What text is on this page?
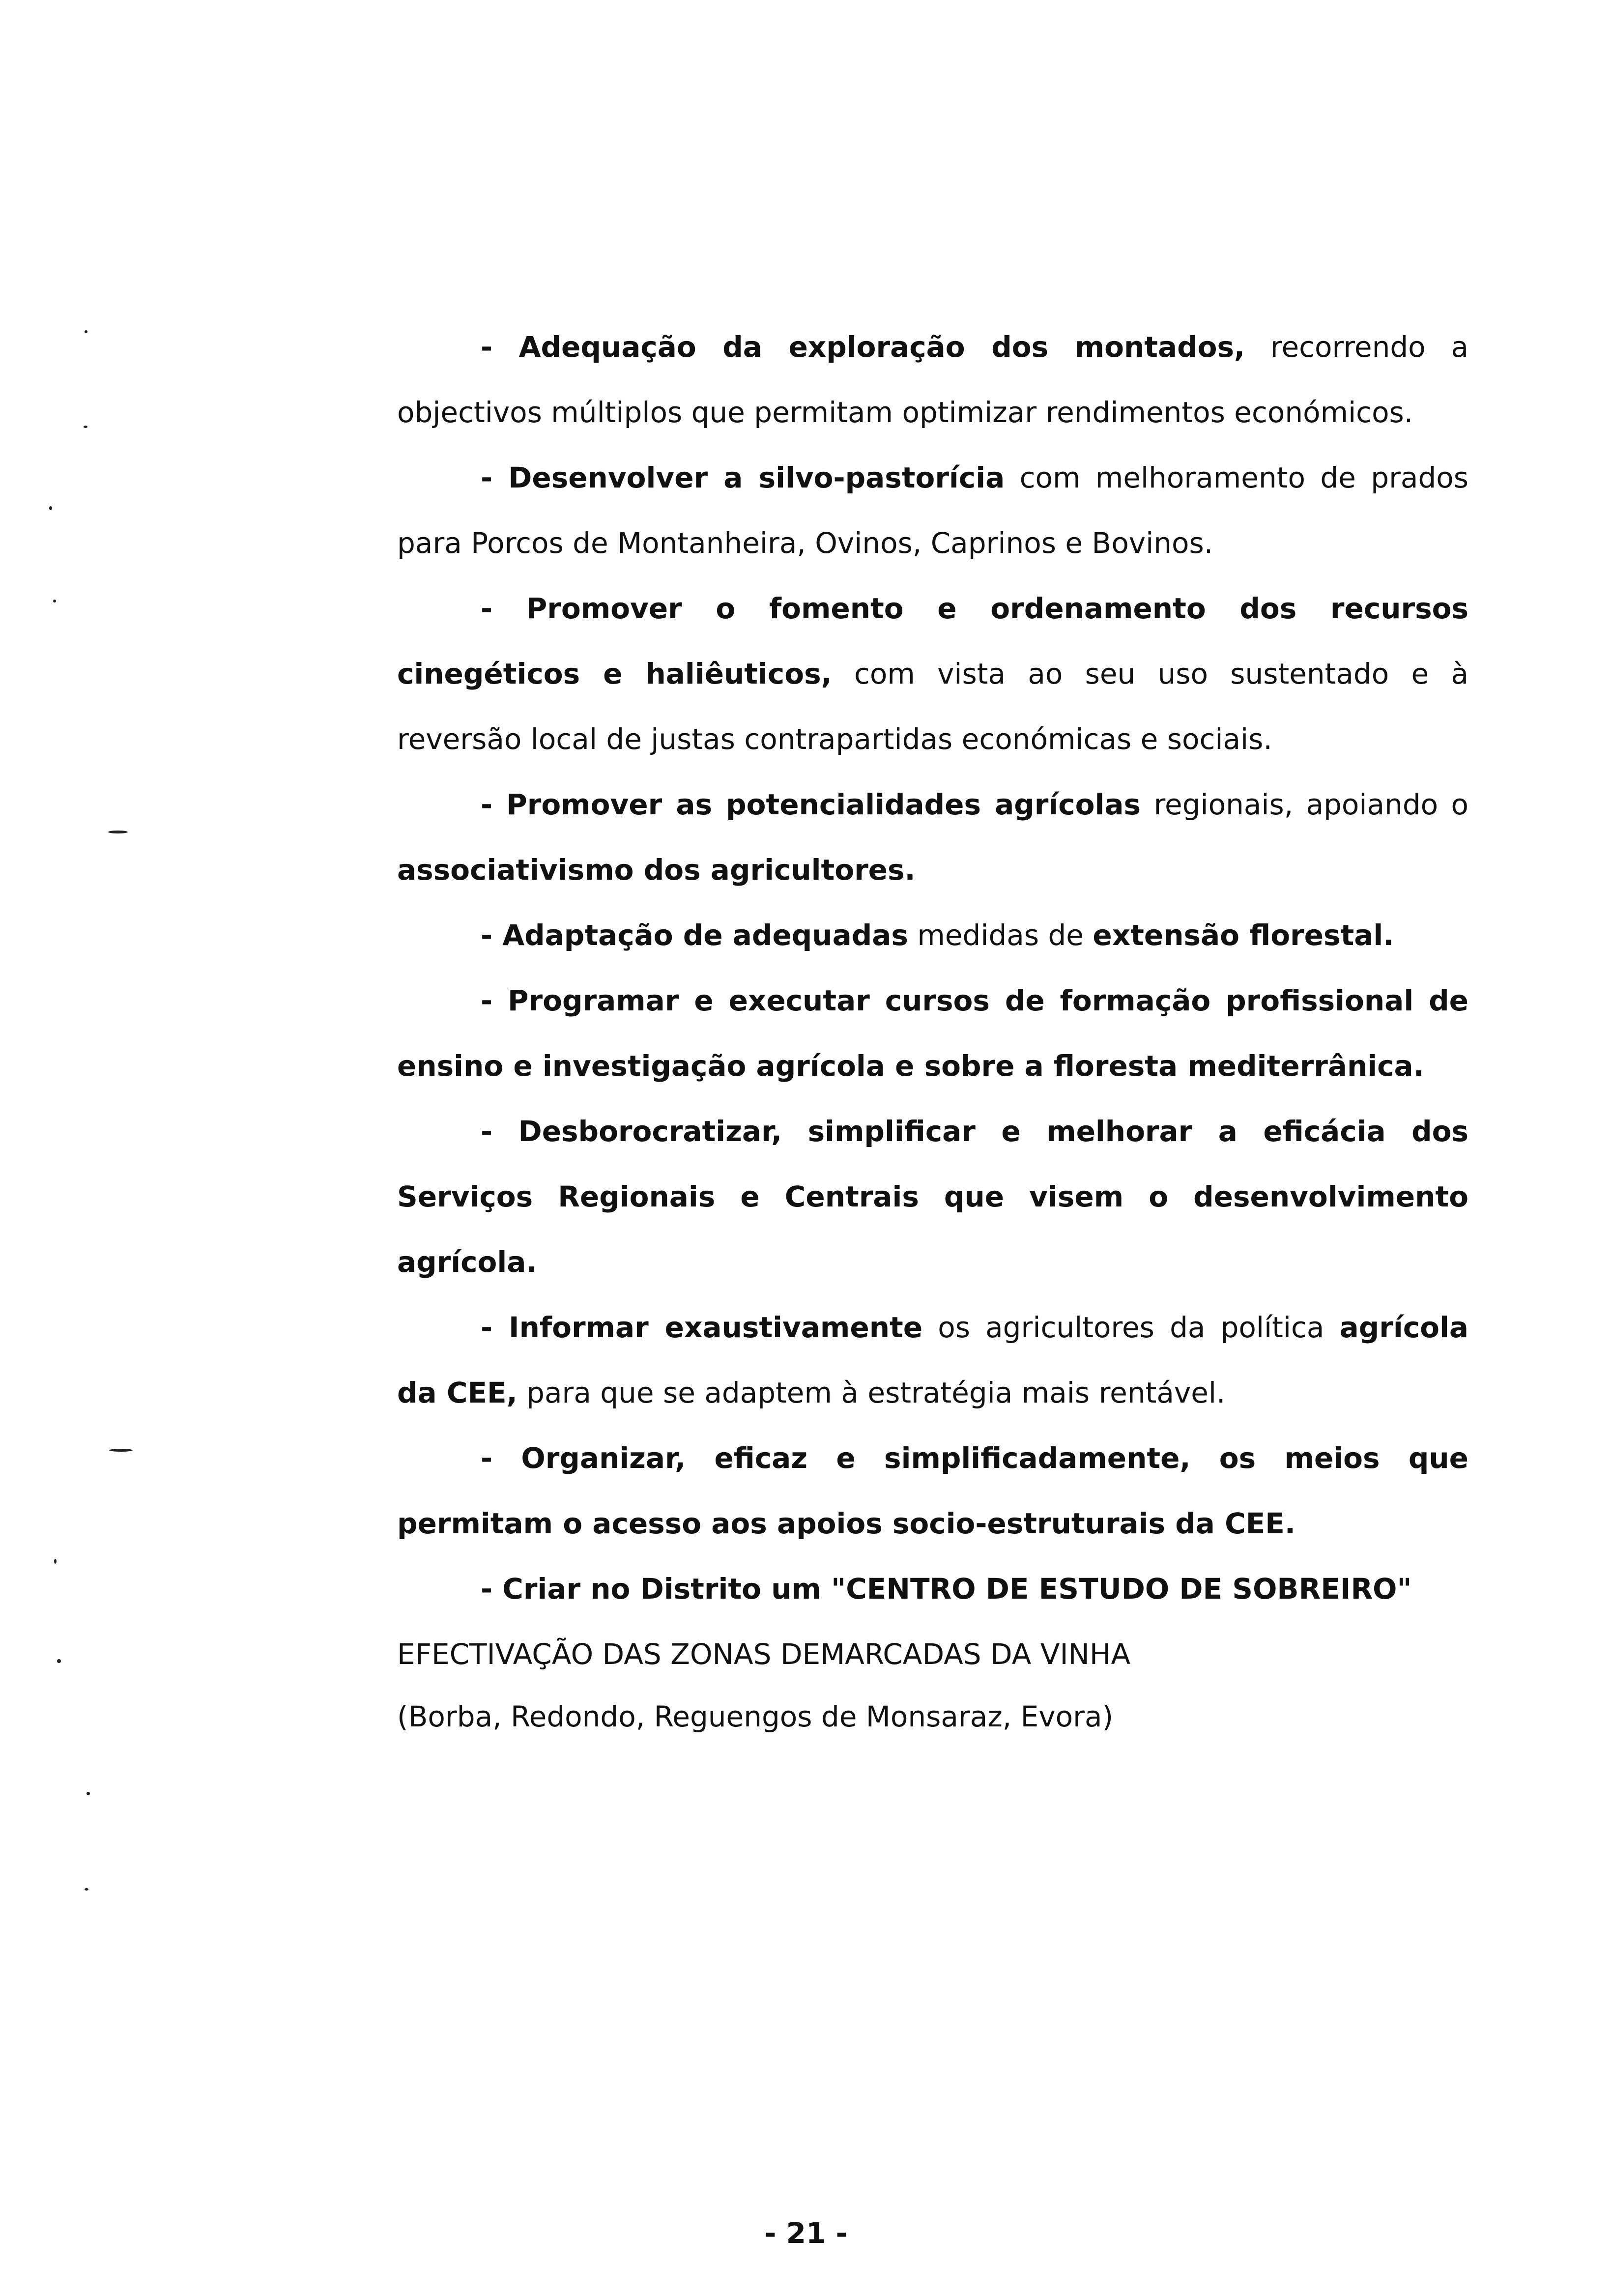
- Adequação da exploração dos montados, recorrendo a objectivos múltiplos que permitam optimizar rendimentos económicos.

- Desenvolver a silvo-pastorícia com melhoramento de prados para Porcos de Montanheira, Ovinos, Caprinos e Bovinos.

- Promover o fomento e ordenamento dos recursos cinegéticos e haliêuticos, com vista ao seu uso sustentado e à reversão local de justas contrapartidas económicas e sociais.

- Promover as potencialidades agrícolas regionais, apoiando o associativismo dos agricultores.

- Adaptação de adequadas medidas de extensão florestal.

- Programar e executar cursos de formação profissional de ensino e investigação agrícola e sobre a floresta mediterrânica.

- Desborocratizar, simplificar e melhorar a eficácia dos Serviços Regionais e Centrais que visem o desenvolvimento agrícola.

- Informar exaustivamente os agricultores da política agrícola da CEE, para que se adaptem à estratégia mais rentável.

- Organizar, eficaz e simplificadamente, os meios que permitam o acesso aos apoios socio-estruturais da CEE.

- Criar no Distrito um "CENTRO DE ESTUDO DE SOBREIRO"

EFECTIVAÇÃO DAS ZONAS DEMARCADAS DA VINHA

(Borba, Redondo, Reguengos de Monsaraz, Evora)

- 21 -
